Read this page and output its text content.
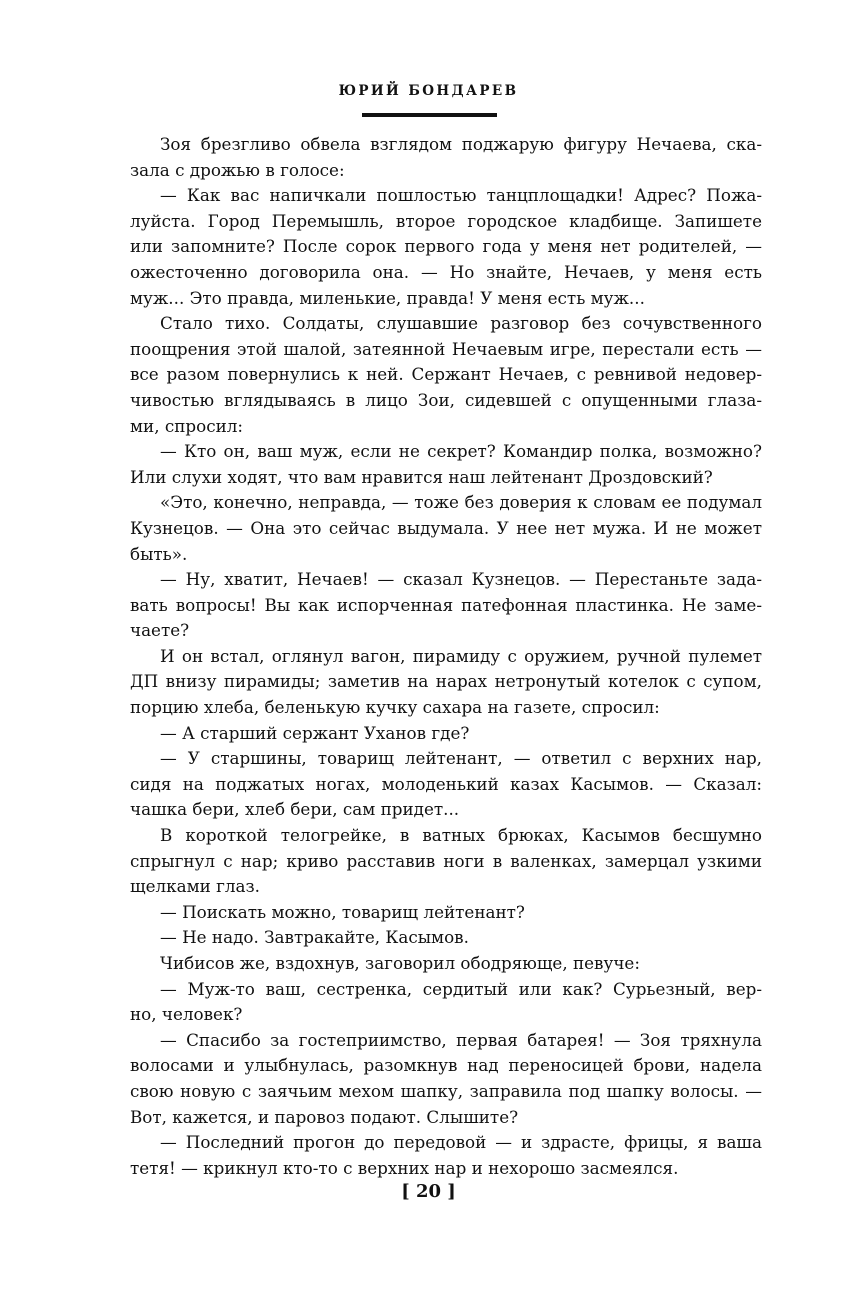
ЮРИЙ БОНДАРЕВ
Зоя брезгливо обвела взглядом поджарую фигуру Нечаева, ска-
зала с дрожью в голосе:
— Как вас напичкали пошлостью танцплощадки! Адрес? Пожа-
луйста. Город Перемышль, второе городское кладбище. Запишете
или запомните? После сорок первого года у меня нет родителей, —
ожесточенно договорила она. — Но знайте, Нечаев, у меня есть
муж... Это правда, миленькие, правда! У меня есть муж...
Стало тихо. Солдаты, слушавшие разговор без сочувственного
поощрения этой шалой, затеянной Нечаевым игре, перестали есть —
все разом повернулись к ней. Сержант Нечаев, с ревнивой недовер-
чивостью вглядываясь в лицо Зои, сидевшей с опущенными глаза-
ми, спросил:
— Кто он, ваш муж, если не секрет? Командир полка, возможно?
Или слухи ходят, что вам нравится наш лейтенант Дроздовский?
«Это, конечно, неправда, — тоже без доверия к словам ее подумал
Кузнецов. — Она это сейчас выдумала. У нее нет мужа. И не может
быть».
— Ну, хватит, Нечаев! — сказал Кузнецов. — Перестаньте зада-
вать вопросы! Вы как испорченная патефонная пластинка. Не заме-
чаете?
И он встал, оглянул вагон, пирамиду с оружием, ручной пулемет
ДП внизу пирамиды; заметив на нарах нетронутый котелок с супом,
порцию хлеба, беленькую кучку сахара на газете, спросил:
— А старший сержант Уханов где?
— У старшины, товарищ лейтенант, — ответил с верхних нар,
сидя на поджатых ногах, молоденький казах Касымов. — Сказал:
чашка бери, хлеб бери, сам придет...
В короткой телогрейке, в ватных брюках, Касымов бесшумно
спрыгнул с нар; криво расставив ноги в валенках, замерцал узкими
щелками глаз.
— Поискать можно, товарищ лейтенант?
— Не надо. Завтракайте, Касымов.
Чибисов же, вздохнув, заговорил ободряюще, певуче:
— Муж-то ваш, сестренка, сердитый или как? Сурьезный, вер-
но, человек?
— Спасибо за гостеприимство, первая батарея! — Зоя тряхнула
волосами и улыбнулась, разомкнув над переносицей брови, надела
свою новую с заячьим мехом шапку, заправила под шапку волосы. —
Вот, кажется, и паровоз подают. Слышите?
— Последний прогон до передовой — и здрасте, фрицы, я ваша
тетя! — крикнул кто-то с верхних нар и нехорошо засмеялся.
[ 20 ]
